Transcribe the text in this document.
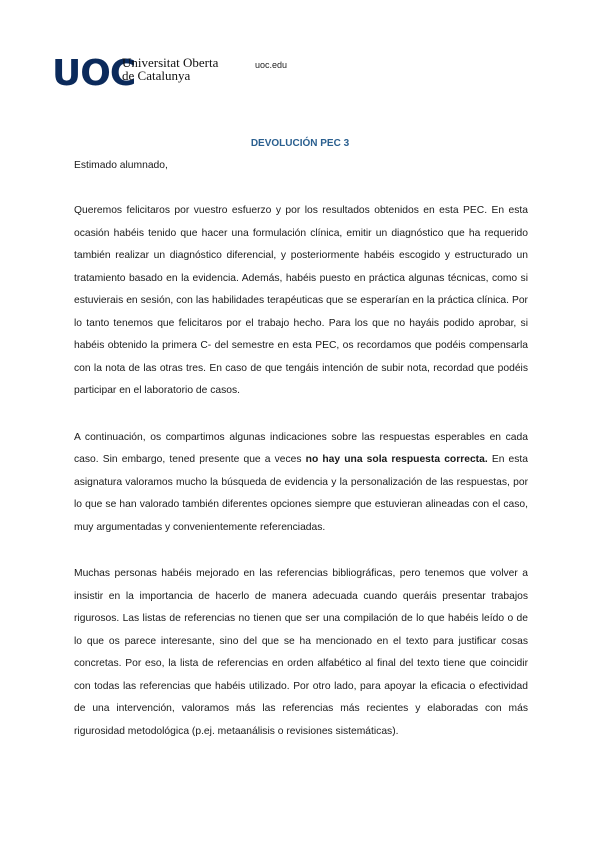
UOC
Universitat Oberta
de Catalunya
uoc.edu
DEVOLUCIÓN PEC 3

Estimado alumnado,

Queremos felicitaros por vuestro esfuerzo y por los resultados obtenidos en esta PEC. En esta ocasión habéis tenido que hacer una formulación clínica, emitir un diagnóstico que ha requerido también realizar un diagnóstico diferencial, y posteriormente habéis escogido y estructurado un tratamiento basado en la evidencia. Además, habéis puesto en práctica algunas técnicas, como si estuvierais en sesión, con las habilidades terapéuticas que se esperarían en la práctica clínica. Por lo tanto tenemos que felicitaros por el trabajo hecho. Para los que no hayáis podido aprobar, si habéis obtenido la primera C- del semestre en esta PEC, os recordamos que podéis compensarla con la nota de las otras tres. En caso de que tengáis intención de subir nota, recordad que podéis participar en el laboratorio de casos.

A continuación, os compartimos algunas indicaciones sobre las respuestas esperables en cada caso. Sin embargo, tened presente que a veces no hay una sola respuesta correcta. En esta asignatura valoramos mucho la búsqueda de evidencia y la personalización de las respuestas, por lo que se han valorado también diferentes opciones siempre que estuvieran alineadas con el caso, muy argumentadas y convenientemente referenciadas.

Muchas personas habéis mejorado en las referencias bibliográficas, pero tenemos que volver a insistir en la importancia de hacerlo de manera adecuada cuando queráis presentar trabajos rigurosos. Las listas de referencias no tienen que ser una compilación de lo que habéis leído o de lo que os parece interesante, sino del que se ha mencionado en el texto para justificar cosas concretas. Por eso, la lista de referencias en orden alfabético al final del texto tiene que coincidir con todas las referencias que habéis utilizado. Por otro lado, para apoyar la eficacia o efectividad de una intervención, valoramos más las referencias más recientes y elaboradas con más rigurosidad metodológica (p.ej. metaanálisis o revisiones sistemáticas).
